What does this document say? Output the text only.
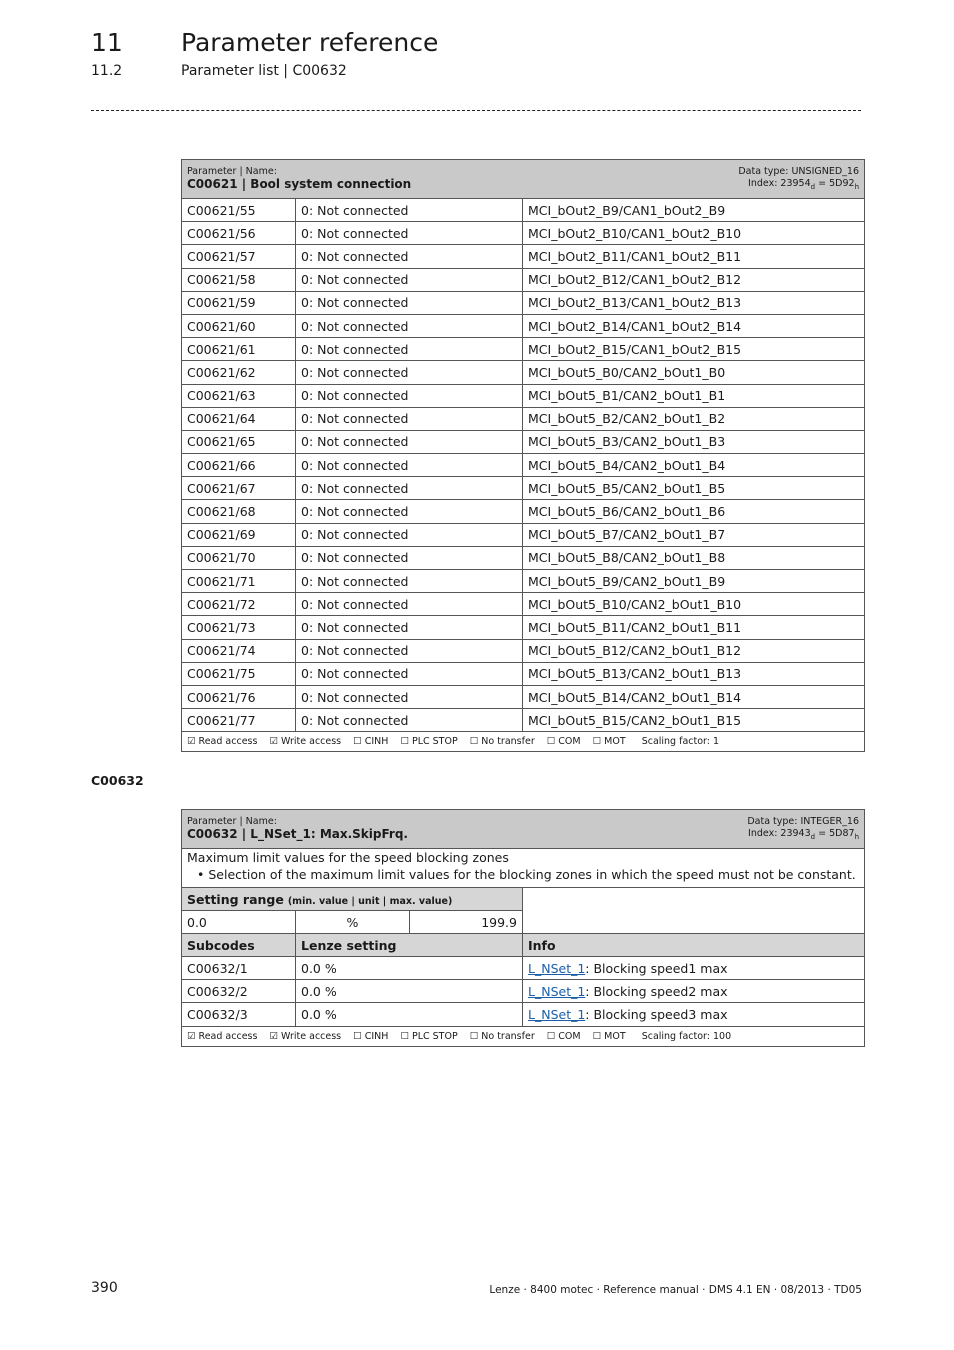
11 Parameter reference
11.2	Parameter list | C00632
Data type: UNSIGNED_16
Index: $23954_d = 5D92_h$
Parameter | Name:
C00621 | Bool system connection		

C00621/55	0: Not connected	MCI_bOut2_B9/CAN1_bOut2_B9
C00621/56	0: Not connected	MCI_bOut2_B10/CAN1_bOut2_B10
C00621/57	0: Not connected	MCI_bOut2_B11/CAN1_bOut2_B11
C00621/58	0: Not connected	MCI_bOut2_B12/CAN1_bOut2_B12
C00621/59	0: Not connected	MCI_bOut2_B13/CAN1_bOut2_B13
C00621/60	0: Not connected	MCI_bOut2_B14/CAN1_bOut2_B14
C00621/61	0: Not connected	MCI_bOut2_B15/CAN1_bOut2_B15
C00621/62	0: Not connected	MCI_bOut5_B0/CAN2_bOut1_B0
C00621/63	0: Not connected	MCI_bOut5_B1/CAN2_bOut1_B1
C00621/64	0: Not connected	MCI_bOut5_B2/CAN2_bOut1_B2
C00621/65	0: Not connected	MCI_bOut5_B3/CAN2_bOut1_B3
C00621/66	0: Not connected	MCI_bOut5_B4/CAN2_bOut1_B4
C00621/67	0: Not connected	MCI_bOut5_B5/CAN2_bOut1_B5
C00621/68	0: Not connected	MCI_bOut5_B6/CAN2_bOut1_B6
C00621/69	0: Not connected	MCI_bOut5_B7/CAN2_bOut1_B7
C00621/70	0: Not connected	MCI_bOut5_B8/CAN2_bOut1_B8
C00621/71	0: Not connected	MCI_bOut5_B9/CAN2_bOut1_B9
C00621/72	0: Not connected	MCI_bOut5_B10/CAN2_bOut1_B10
C00621/73	0: Not connected	MCI_bOut5_B11/CAN2_bOut1_B11
C00621/74	0: Not connected	MCI_bOut5_B12/CAN2_bOut1_B12
C00621/75	0: Not connected	MCI_bOut5_B13/CAN2_bOut1_B13
C00621/76	0: Not connected	MCI_bOut5_B14/CAN2_bOut1_B14
C00621/77	0: Not connected	MCI_bOut5_B15/CAN2_bOut1_B15
☑ Read access ☑ Write access ☐ CINH ☐ PLC STOP ☐ No transfer ☐ COM ☐ MOT Scaling factor: 1		
C00632
Data type: INTEGER_16
Index: $23943_d = 5D87_h$
Parameter | Name:
C00632 | L_NSet_1: Max.SkipFrq.			

Maximum limit values for the speed blocking zones
• Selection of the maximum limit values for the blocking zones in which the speed must not be constant.			

Setting range (min. value | unit | max. value)			
0.0	%	199.9	
Subcodes	Lenze setting		Info
C00632/1	0.0 %		L_NSet_1: Blocking speed1 max
C00632/2	0.0 %		L_NSet_1: Blocking speed2 max
C00632/3	0.0 %		L_NSet_1: Blocking speed3 max
☑ Read access ☑ Write access ☐ CINH ☐ PLC STOP ☐ No transfer ☐ COM ☐ MOT Scaling factor: 100			
390	Lenze · 8400 motec · Reference manual · DMS 4.1 EN · 08/2013 · TD05
